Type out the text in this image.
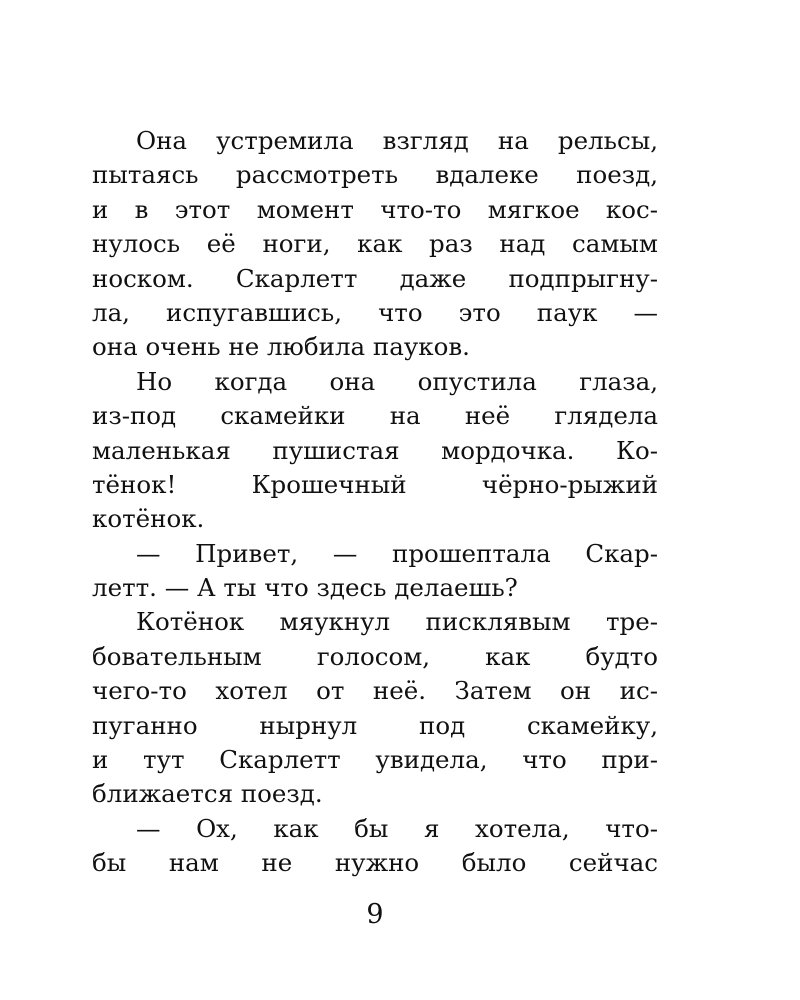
Она устремила взгляд на рельсы,
пытаясь рассмотреть вдалеке поезд,
и в этот момент что-то мягкое кос-
нулось её ноги, как раз над самым
носком. Скарлетт даже подпрыгну-
ла, испугавшись, что это паук —
она очень не любила пауков.
Но когда она опустила глаза,
из-под скамейки на неё глядела
маленькая пушистая мордочка. Ко-
тёнок! Крошечный чёрно-рыжий
котёнок.
— Привет, — прошептала Скар-
летт. — А ты что здесь делаешь?
Котёнок мяукнул писклявым тре-
бовательным голосом, как будто
чего-то хотел от неё. Затем он ис-
пуганно нырнул под скамейку,
и тут Скарлетт увидела, что при-
ближается поезд.
— Ох, как бы я хотела, что-
бы нам не нужно было сейчас
9
